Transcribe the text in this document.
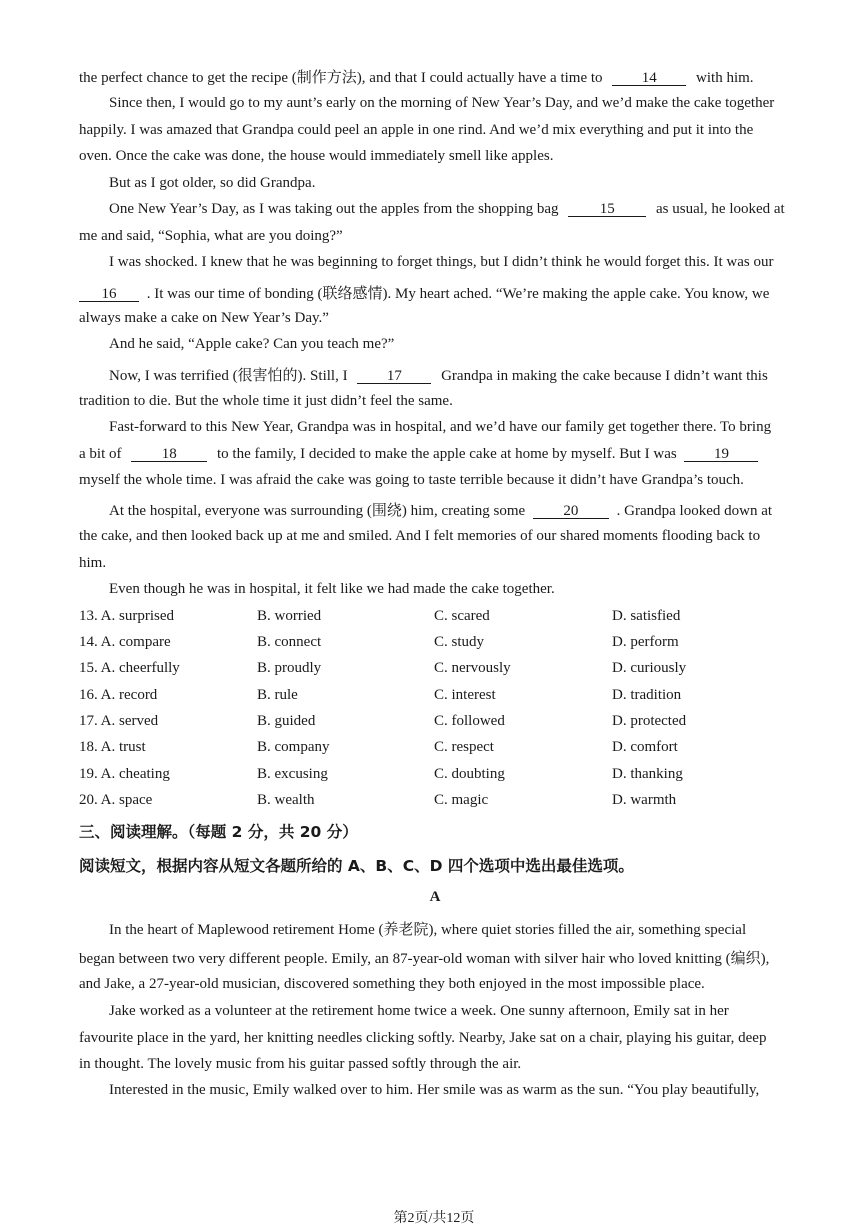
the perfect chance to get the recipe (制作方法), and that I could actually have a time to	14	with him.
Since then, I would go to my aunt’s early on the morning of New Year’s Day, and we’d make the cake together
happily. I was amazed that Grandpa could peel an apple in one rind. And we’d mix everything and put it into the
oven. Once the cake was done, the house would immediately smell like apples.
But as I got older, so did Grandpa.
One New Year’s Day, as I was taking out the apples from the shopping bag	15	as usual, he looked at
me and said, “Sophia, what are you doing?”
I was shocked. I knew that he was beginning to forget things, but I didn’t think he would forget this. It was our
16 . It was our time of bonding (联络感情). My heart ached. “We’re making the apple cake. You know, we
always make a cake on New Year’s Day.”
And he said, “Apple cake? Can you teach me?”
Now, I was terrified (很害怕的). Still, I	17	Grandpa in making the cake because I didn’t want this
tradition to die. But the whole time it just didn’t feel the same.
Fast-forward to this New Year, Grandpa was in hospital, and we’d have our family get together there. To bring
a bit of	18	to the family, I decided to make the apple cake at home by myself. But I was 19
myself the whole time. I was afraid the cake was going to taste terrible because it didn’t have Grandpa’s touch.
At the hospital, everyone was surrounding (围绕) him, creating some	20	. Grandpa looked down at
the cake, and then looked back up at me and smiled. And I felt memories of our shared moments flooding back to
him.
Even though he was in hospital, it felt like we had made the cake together.
13. A. surprised	B. worried	C. scared	D. satisfied
14. A. compare	B. connect	C. study	D. perform
15. A. cheerfully	B. proudly	C. nervously	D. curiously
16. A. record	B. rule	C. interest	D. tradition
17. A. served	B. guided	C. followed	D. protected
18. A. trust	B. company	C. respect	D. comfort
19. A. cheating	B. excusing	C. doubting	D. thanking
20. A. space	B. wealth	C. magic	D. warmth
三、阅读理解。（每题 2 分，共 20 分）
阅读短文，根据内容从短文各题所给的 A、B、C、D 四个选项中选出最佳选项。
A
In the heart of Maplewood retirement Home (养老院), where quiet stories filled the air, something special
began between two very different people. Emily, an 87-year-old woman with silver hair who loved knitting (编织),
and Jake, a 27-year-old musician, discovered something they both enjoyed in the most impossible place.
Jake worked as a volunteer at the retirement home twice a week. One sunny afternoon, Emily sat in her
favourite place in the yard, her knitting needles clicking softly. Nearby, Jake sat on a chair, playing his guitar, deep
in thought. The lovely music from his guitar passed softly through the air.
Interested in the music, Emily walked over to him. Her smile was as warm as the sun. “You play beautifully,
第2页/共12页
